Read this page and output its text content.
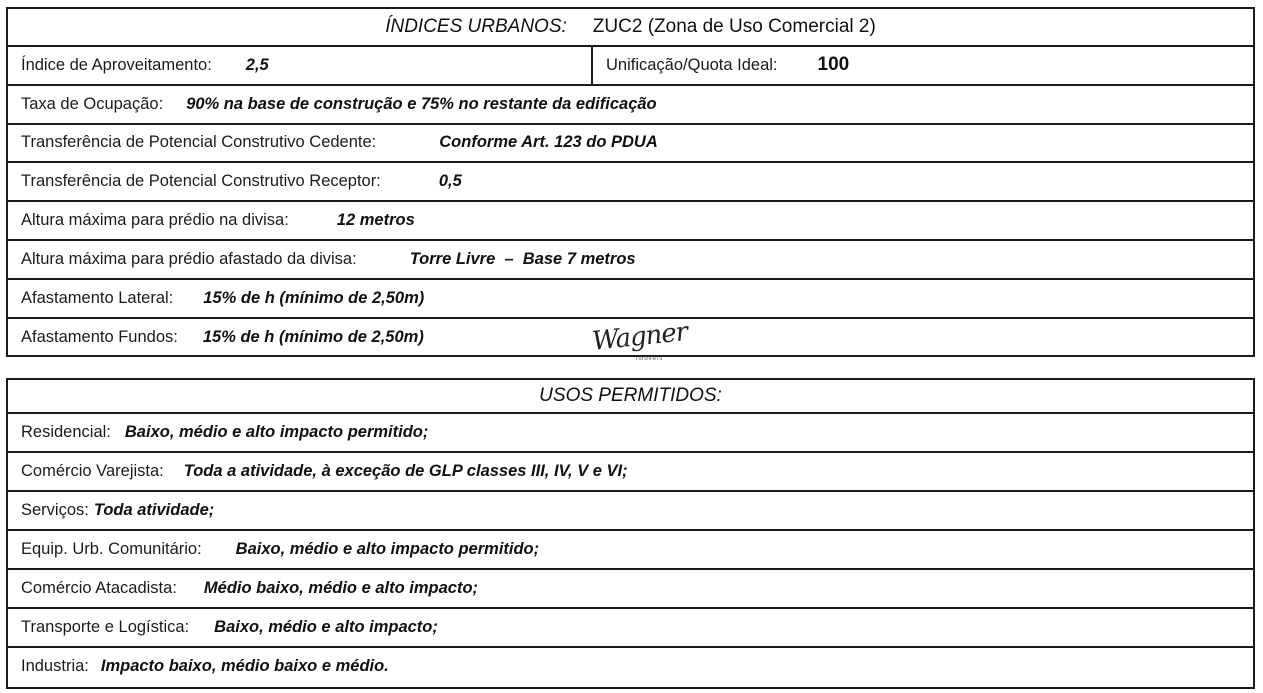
ÍNDICES URBANOS: ZUC2 (Zona de Uso Comercial 2)
Índice de Aproveitamento: 2,5	Unificação/Quota Ideal: 100
Taxa de Ocupação: 90% na base de construção e 75% no restante da edificação
Transferência de Potencial Construtivo Cedente:	Conforme Art. 123 do PDUA
Transferência de Potencial Construtivo Receptor:	0,5
Altura máxima para prédio na divisa:	12 metros
Altura máxima para prédio afastado da divisa:	Torre Livre  –  Base 7 metros
Afastamento Lateral: 15% de h (mínimo de 2,50m)
Afastamento Fundos: 15% de h (mínimo de 2,50m)	Wagner
imóveis
USOS PERMITIDOS:
Residencial: Baixo, médio e alto impacto permitido;
Comércio Varejista: Toda a atividade, à exceção de GLP classes III, IV, V e VI;
Serviços: Toda atividade;
Equip. Urb. Comunitário: Baixo, médio e alto impacto permitido;
Comércio Atacadista: Médio baixo, médio e alto impacto;
Transporte e Logística: Baixo, médio e alto impacto;
Industria: Impacto baixo, médio baixo e médio.
